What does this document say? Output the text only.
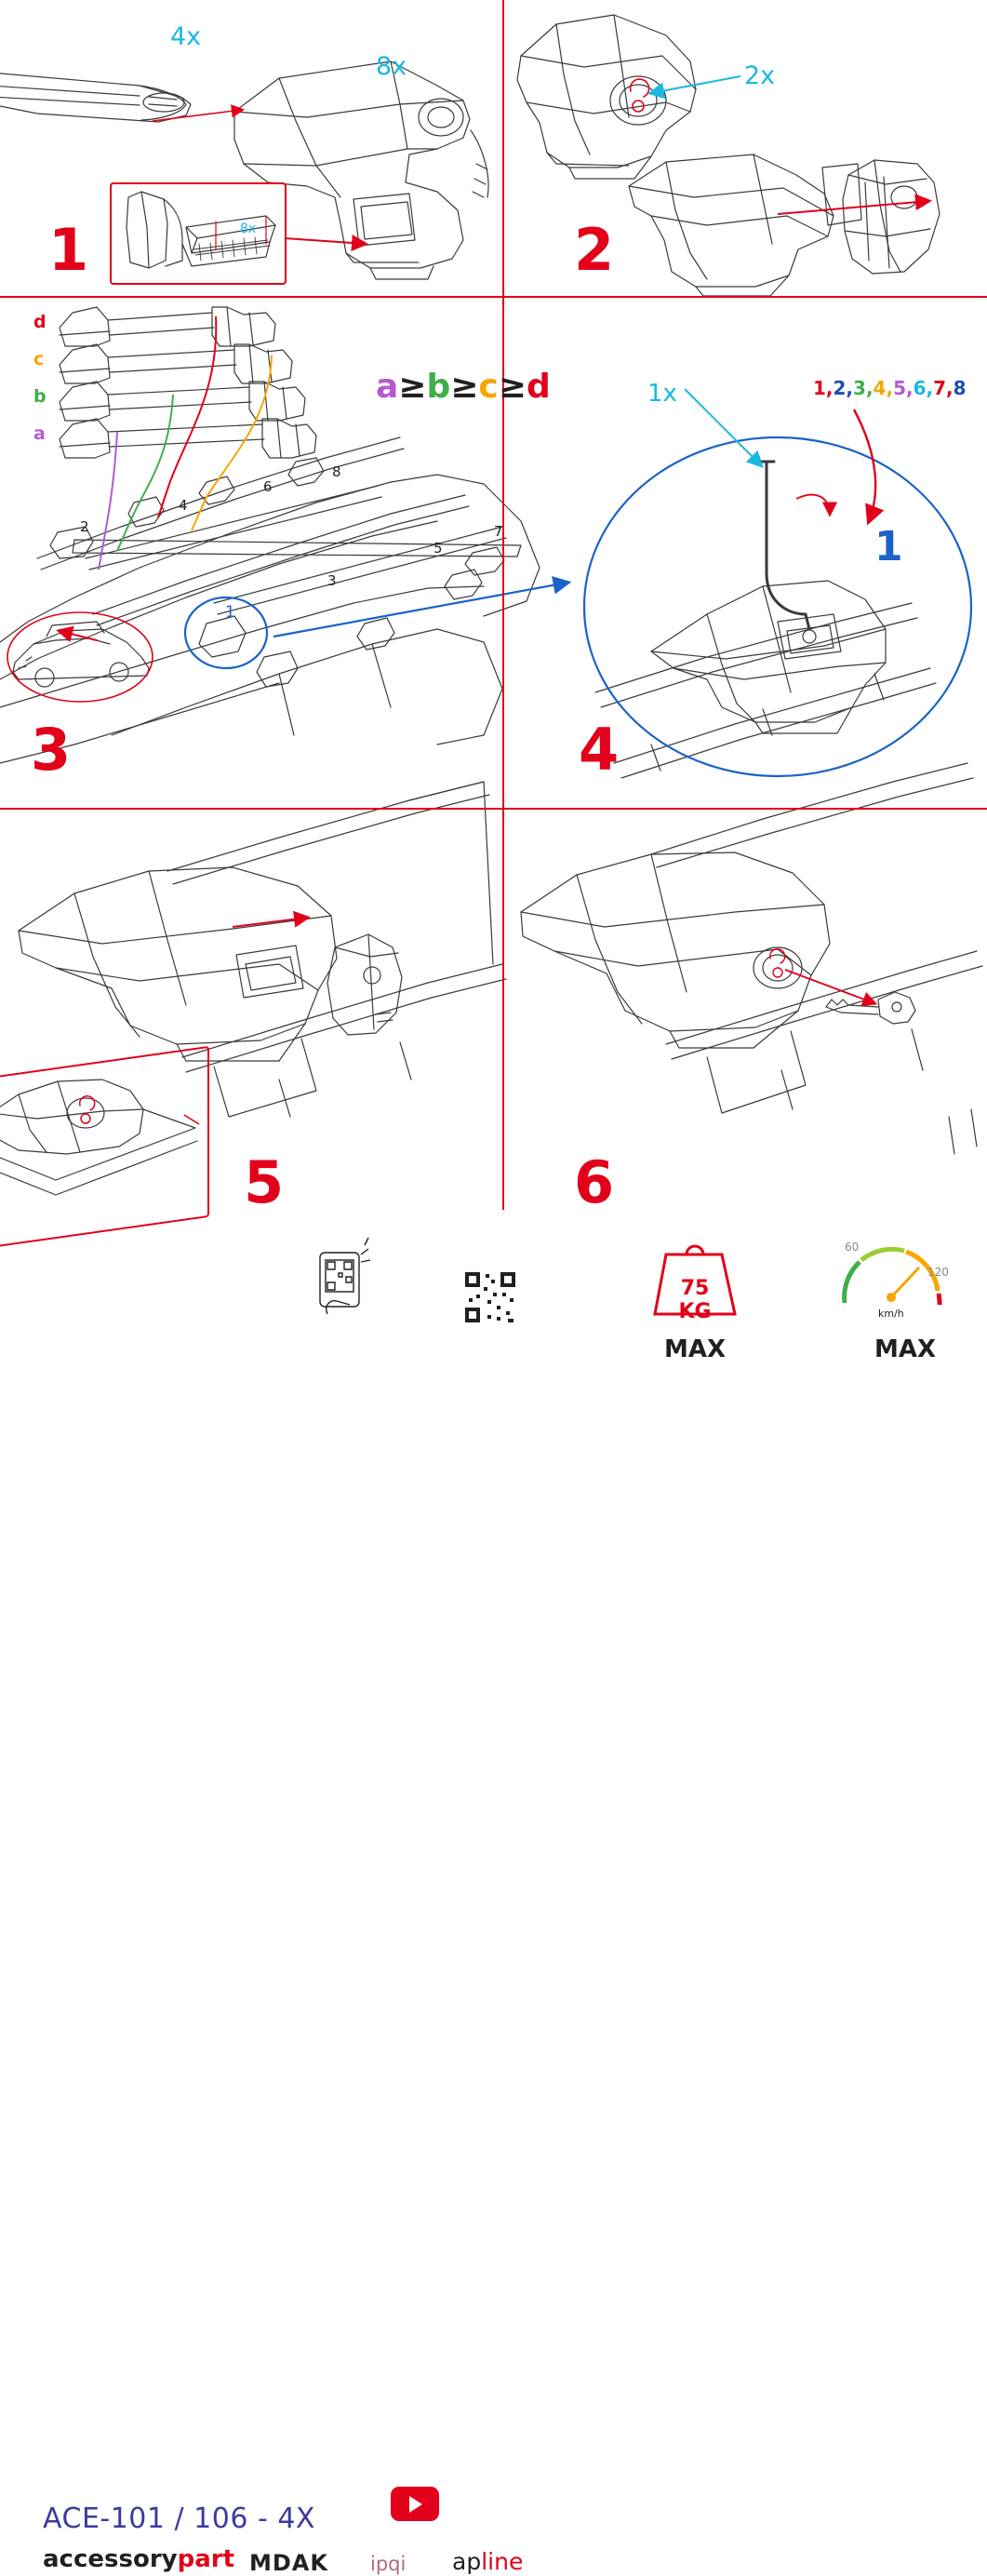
4x
8x	2x
8x
1x
1	2
3	4
5	6
d
c
b
a
a≥b≥c≥d	1,2,3,4,5,6,7,8
1
1
2
4
6
8
3
5
7
ACE-101 / 106 - 4X
accessorypart MDAK ipqi apline
75 KG
MAX	MAX
km/h
60
120
